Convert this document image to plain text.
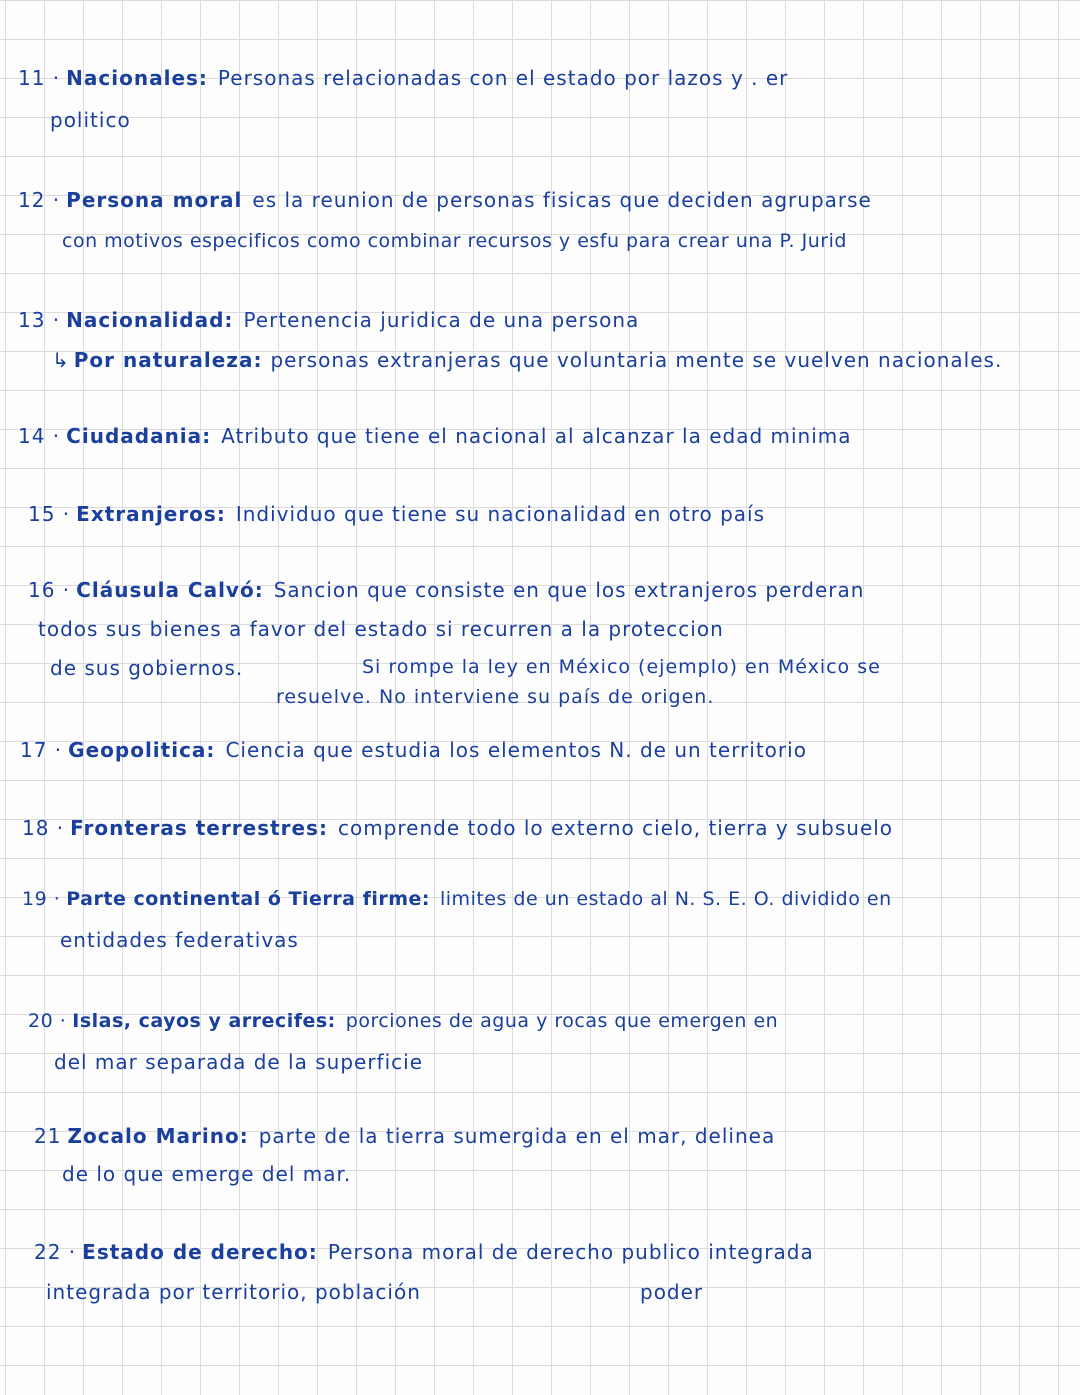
11 · Nacionales: Personas relacionadas con el estado por lazos y . er
politico
12 · Persona moral es la reunion de personas fisicas que deciden agruparse
con motivos especificos como combinar recursos y esfu para crear una P. Jurid
13 · Nacionalidad: Pertenencia juridica de una persona
↳ Por naturaleza: personas extranjeras que voluntaria mente se vuelven nacionales.
14 · Ciudadania: Atributo que tiene el nacional al alcanzar la edad minima
15 · Extranjeros: Individuo que tiene su nacionalidad en otro país
16 · Cláusula Calvó: Sancion que consiste en que los extranjeros perderan
todos sus bienes a favor del estado si recurren a la proteccion
de sus gobiernos.	Si rompe la ley en México (ejemplo) en México se
resuelve. No interviene su país de origen.
17 · Geopolitica: Ciencia que estudia los elementos N. de un territorio
18 · Fronteras terrestres: comprende todo lo externo cielo, tierra y subsuelo
19 · Parte continental ó Tierra firme: limites de un estado al N. S. E. O. dividido en
entidades federativas
20 · Islas, cayos y arrecifes: porciones de agua y rocas que emergen en
del mar separada de la superficie
21 Zocalo Marino: parte de la tierra sumergida en el mar, delinea
de lo que emerge del mar.
22 · Estado de derecho: Persona moral de derecho publico integrada
integrada por territorio, población	poder
